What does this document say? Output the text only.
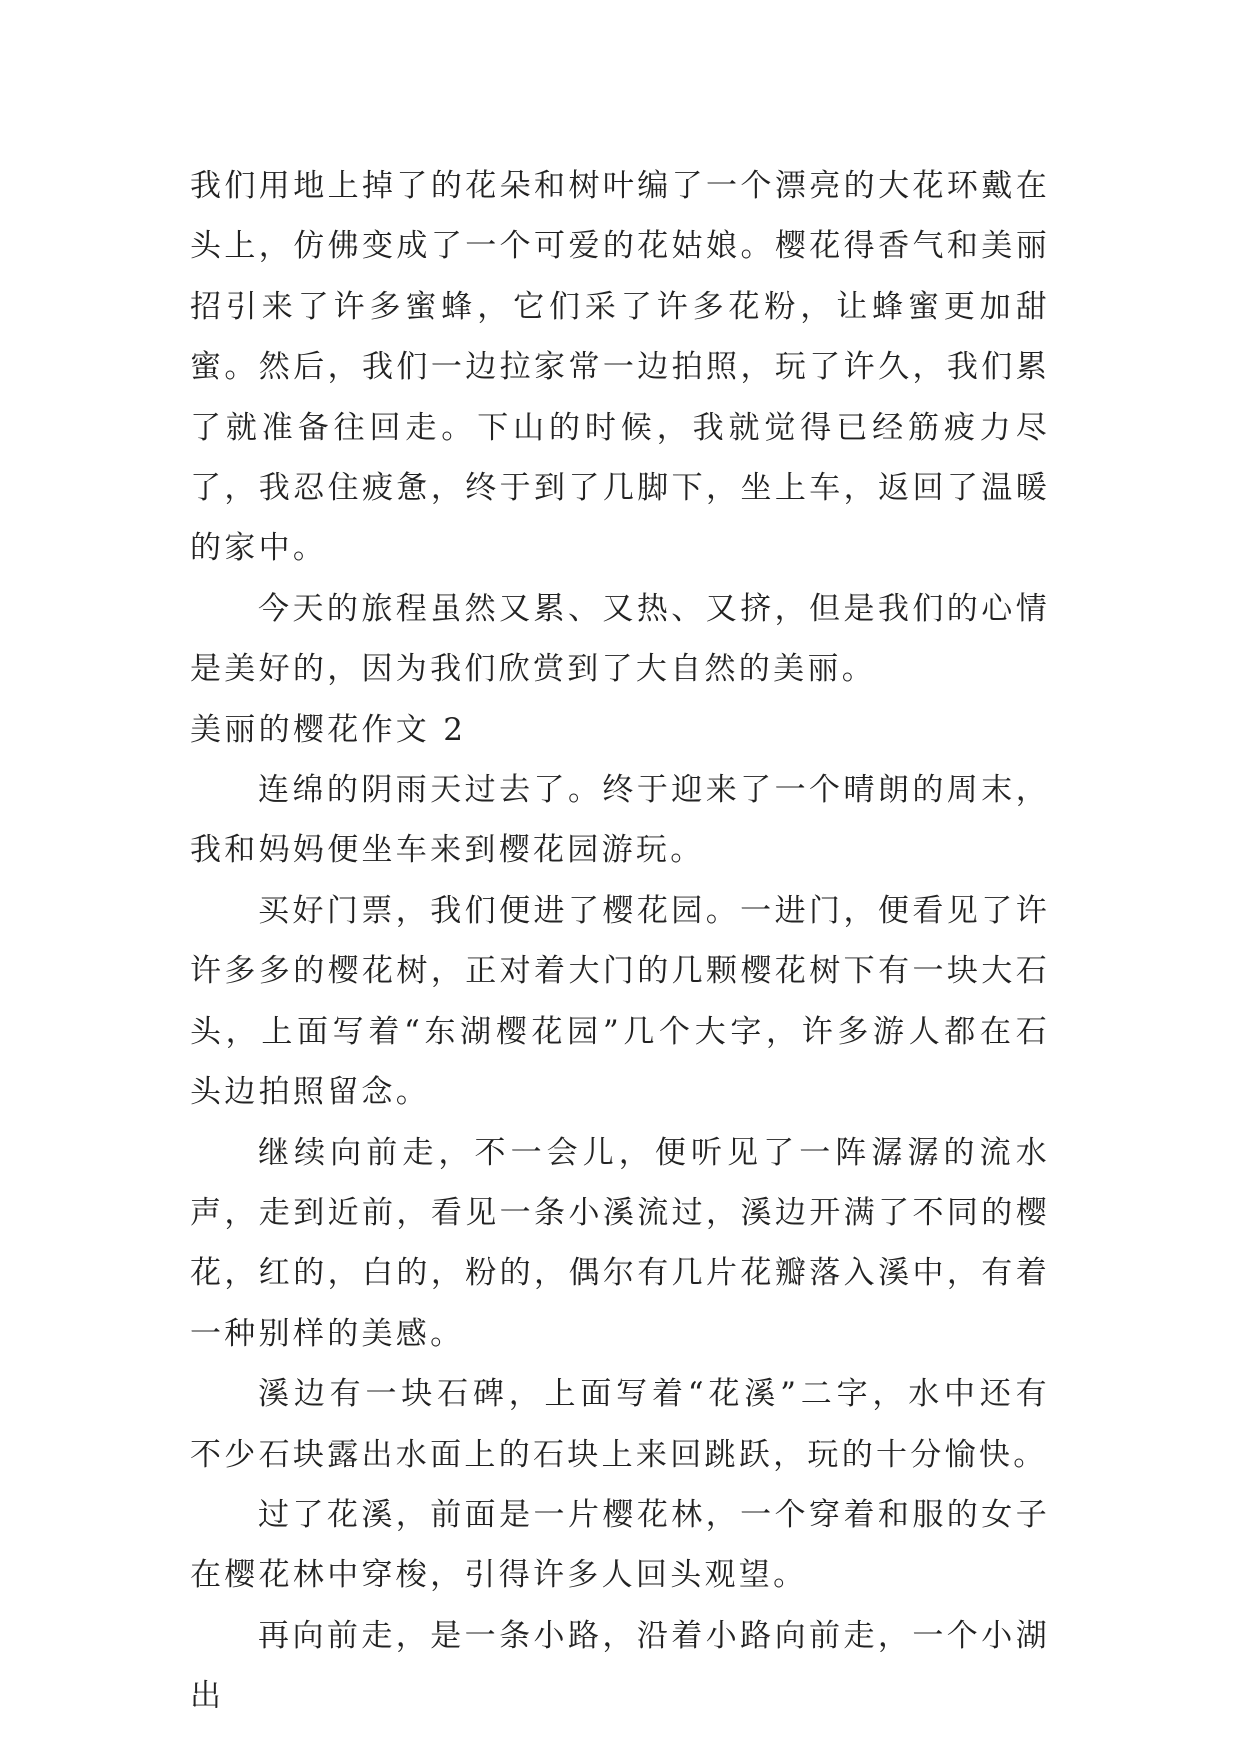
我们用地上掉了的花朵和树叶编了一个漂亮的大花环戴在头上，仿佛变成了一个可爱的花姑娘。樱花得香气和美丽招引来了许多蜜蜂，它们采了许多花粉，让蜂蜜更加甜蜜。然后，我们一边拉家常一边拍照，玩了许久，我们累了就准备往回走。下山的时候，我就觉得已经筋疲力尽了，我忍住疲惫，终于到了几脚下，坐上车，返回了温暖的家中。

今天的旅程虽然又累、又热、又挤，但是我们的心情是美好的，因为我们欣赏到了大自然的美丽。

美丽的樱花作文 2

连绵的阴雨天过去了。终于迎来了一个晴朗的周末，我和妈妈便坐车来到樱花园游玩。

买好门票，我们便进了樱花园。一进门，便看见了许许多多的樱花树，正对着大门的几颗樱花树下有一块大石头，上面写着“东湖樱花园”几个大字，许多游人都在石头边拍照留念。

继续向前走，不一会儿，便听见了一阵潺潺的流水声，走到近前，看见一条小溪流过，溪边开满了不同的樱花，红的，白的，粉的，偶尔有几片花瓣落入溪中，有着一种别样的美感。

溪边有一块石碑，上面写着“花溪”二字，水中还有不少石块露出水面上的石块上来回跳跃，玩的十分愉快。

过了花溪，前面是一片樱花林，一个穿着和服的女子在樱花林中穿梭，引得许多人回头观望。

再向前走，是一条小路，沿着小路向前走，一个小湖出
